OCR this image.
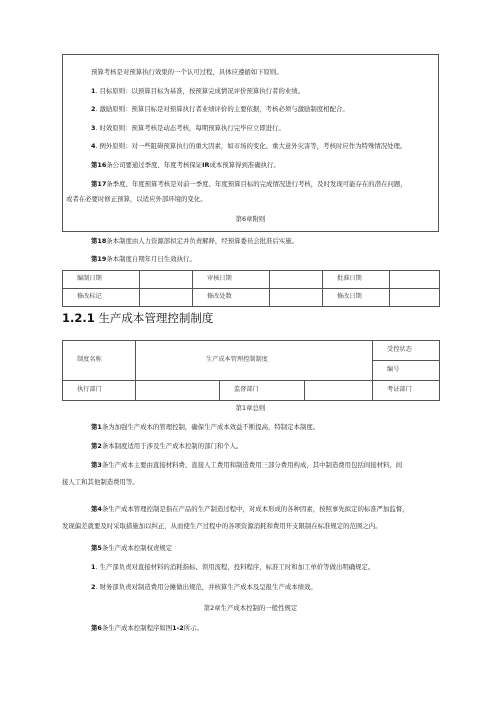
预算考核是对预算执行效果的一个认可过程，具体应遵循如下原则。
1. 目标原则：以预算目标为基准，按预算完成情况评价预算执行者的业绩。
2. 激励原则：预算目标是对预算执行者业绩评价的主要依据，考核必须与激励制度相配合。
3. 时效原则：预算考核是动态考核，每期预算执行完毕应立即进行。
4. 例外原则：对一些阻碍预算执行的重大因素，如市场的变化、重大意外灾害等，考核时应作为特殊情况处理。
第16条公司要通过季度、年度考核保证IR成本预算得到准确执行。
第17条季度、年度预算考核是对前一季度、年度预算目标的完成情况进行考核，及时发现可能存在的潜在问题，
或者在必要时修正预算，以适应外部环境的变化。
第6章附则
第18条本制度由人力资源部拟定并负责解释，经预算委员会批准后实施。
第19条本制度自期年月日生效执行。
编制日期		审核日期		批准日期	
修改标记		修改处数		修改日期	
1.2.1 生产成本管理控制制度
制度名称	生产成本管理控制制度			受控状态
				编号
执行部门		监督部门		考证部门
第1章总则
第1条为加强生产成本的管理控制，确保生产成本效益不断提高，特制定本制度。
第2条本制度适用于涉及生产成本控制的部门和个人。
第3条生产成本主要由直接材料费、直接人工费用和制造费用三部分费用构成，其中制造费用包括间接材料，间
接人工和其他制造费用等。
第4条生产成本管理控制是指在产品的生产制造过程中，对成本形成的各种因素，按照事先拟定的标准严加监督，
发现偏差就要及时采取措施加以纠正，从而使生产过程中的各项资源消耗和费用开支限制在标准规定的范围之内。
第5条生产成本控制权责规定
1. 生产部负责对直接材料的消耗指标、领用流程，投料程序，标准工时和加工单价等做出明确规定。
2. 财务部负责对制造费用分摊做出规范，并核算生产成本及呈报生产成本绩效。
第2章生产成本控制的一般性规定
第6条生产成本控制程序如图1-2所示。
